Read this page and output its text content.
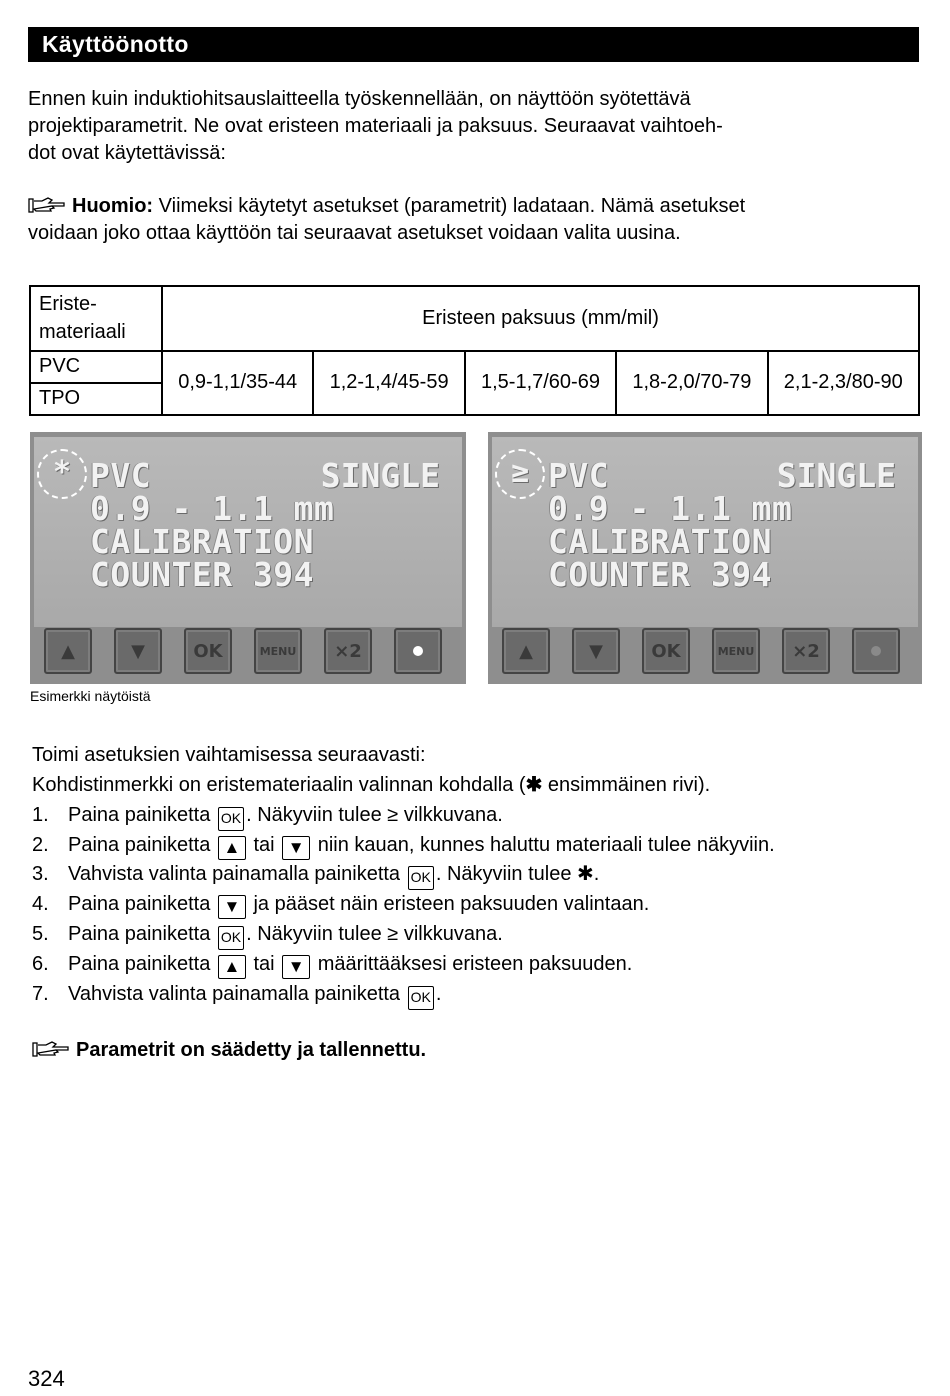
Käyttöönotto
Ennen kuin induktiohitsauslaitteella työskennellään, on näyttöön syötettävä
projektiparametrit. Ne ovat eristeen materiaali ja paksuus. Seuraavat vaihtoeh-
dot ovat käytettävissä:
Huomio: Viimeksi käytetyt asetukset (parametrit) ladataan. Nämä asetukset
voidaan joko ottaa käyttöön tai seuraavat asetukset voidaan valita uusina.
Eriste-
materiaali	Eristeen paksuus (mm/mil)				
PVC	0,9-1,1/35-44	1,2-1,4/45-59	1,5-1,7/60-69	1,8-2,0/70-79	2,1-2,3/80-90
TPO					
* PVC	SINGLE
0.9 - 1.1 mm
CALIBRATION
COUNTER 394
▲	▼	OK	MENU	×2
≥ PVC	SINGLE
0.9 - 1.1 mm
CALIBRATION
COUNTER 394
▲	▼	OK	MENU	×2
Esimerkki näytöistä
Toimi asetuksien vaihtamisessa seuraavasti:
Kohdistinmerkki on eristemateriaalin valinnan kohdalla (✱ ensimmäinen rivi).
1. Paina painiketta OK . Näkyviin tulee ≥ vilkkuvana.
2. Paina painiketta ▲ tai ▼ niin kauan, kunnes haluttu materiaali tulee näkyviin.
3. Vahvista valinta painamalla painiketta OK . Näkyviin tulee ✱.
4. Paina painiketta ▼ ja pääset näin eristeen paksuuden valintaan.
5. Paina painiketta OK . Näkyviin tulee ≥ vilkkuvana.
6. Paina painiketta ▲ tai ▼ määrittääksesi eristeen paksuuden.
7. Vahvista valinta painamalla painiketta OK .
Parametrit on säädetty ja tallennettu.
324
